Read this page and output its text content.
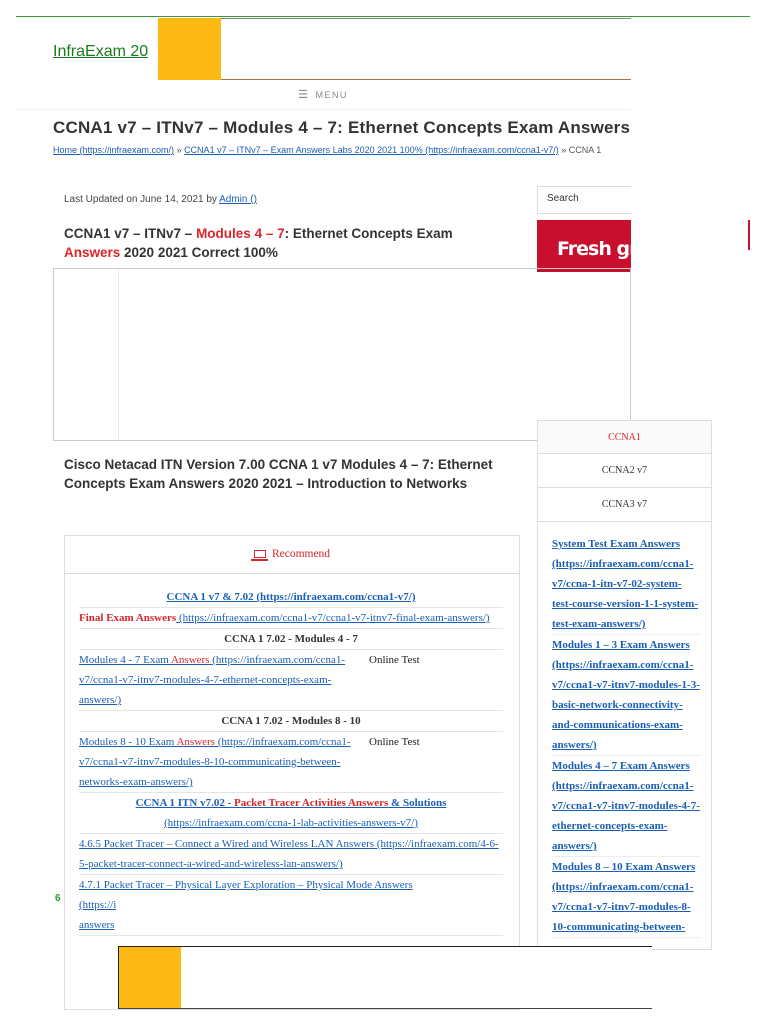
InfraExam 20
☰ MENU
CCNA1 v7 – ITNv7 – Modules 4 – 7: Ethernet Concepts Exam Answers
Home (https://infraexam.com/) » CCNA1 v7 – ITNv7 – Exam Answers Labs 2020 2021 100% (https://infraexam.com/ccna1-v7/) » CCNA 1
Last Updated on June 14, 2021 by Admin ()
CCNA1 v7 – ITNv7 – Modules 4 – 7: Ethernet Concepts Exam Answers 2020 2021 Correct 100%
Search
Fresh grad
Cisco Netacad ITN Version 7.00 CCNA 1 v7 Modules 4 – 7: Ethernet Concepts Exam Answers 2020 2021 – Introduction to Networks
CCNA1
CCNA2 v7
CCNA3 v7
System Test Exam Answers (https://infraexam.com/ccna1-v7/ccna-1-itn-v7-02-system-test-course-version-1-1-system-test-exam-answers/)
Modules 1 – 3 Exam Answers (https://infraexam.com/ccna1-v7/ccna1-v7-itnv7-modules-1-3-basic-network-connectivity-and-communications-exam-answers/)
Modules 4 – 7 Exam Answers (https://infraexam.com/ccna1-v7/ccna1-v7-itnv7-modules-4-7-ethernet-concepts-exam-answers/)
Modules 8 – 10 Exam Answers (https://infraexam.com/ccna1-v7/ccna1-v7-itnv7-modules-8-10-communicating-between-
Recommend
CCNA 1 v7 & 7.02 (https://infraexam.com/ccna1-v7/)
Final Exam Answers (https://infraexam.com/ccna1-v7/ccna1-v7-itnv7-final-exam-answers/)
CCNA 1 7.02 - Modules 4 - 7
Modules 4 - 7 Exam Answers (https://infraexam.com/ccna1-v7/ccna1-v7-itnv7-modules-4-7-ethernet-concepts-exam-answers/)
Online Test
CCNA 1 7.02 - Modules 8 - 10
Modules 8 - 10 Exam Answers (https://infraexam.com/ccna1-v7/ccna1-v7-itnv7-modules-8-10-communicating-between-networks-exam-answers/)
Online Test
CCNA 1 ITN v7.02 - Packet Tracer Activities Answers & Solutions
(https://infraexam.com/ccna-1-lab-activities-answers-v7/)
4.6.5 Packet Tracer – Connect a Wired and Wireless LAN Answers (https://infraexam.com/4-6-5-packet-tracer-connect-a-wired-and-wireless-lan-answers/)
4.7.1 Packet Tracer – Physical Layer Exploration – Physical Mode Answers
(https://i
answers
6
